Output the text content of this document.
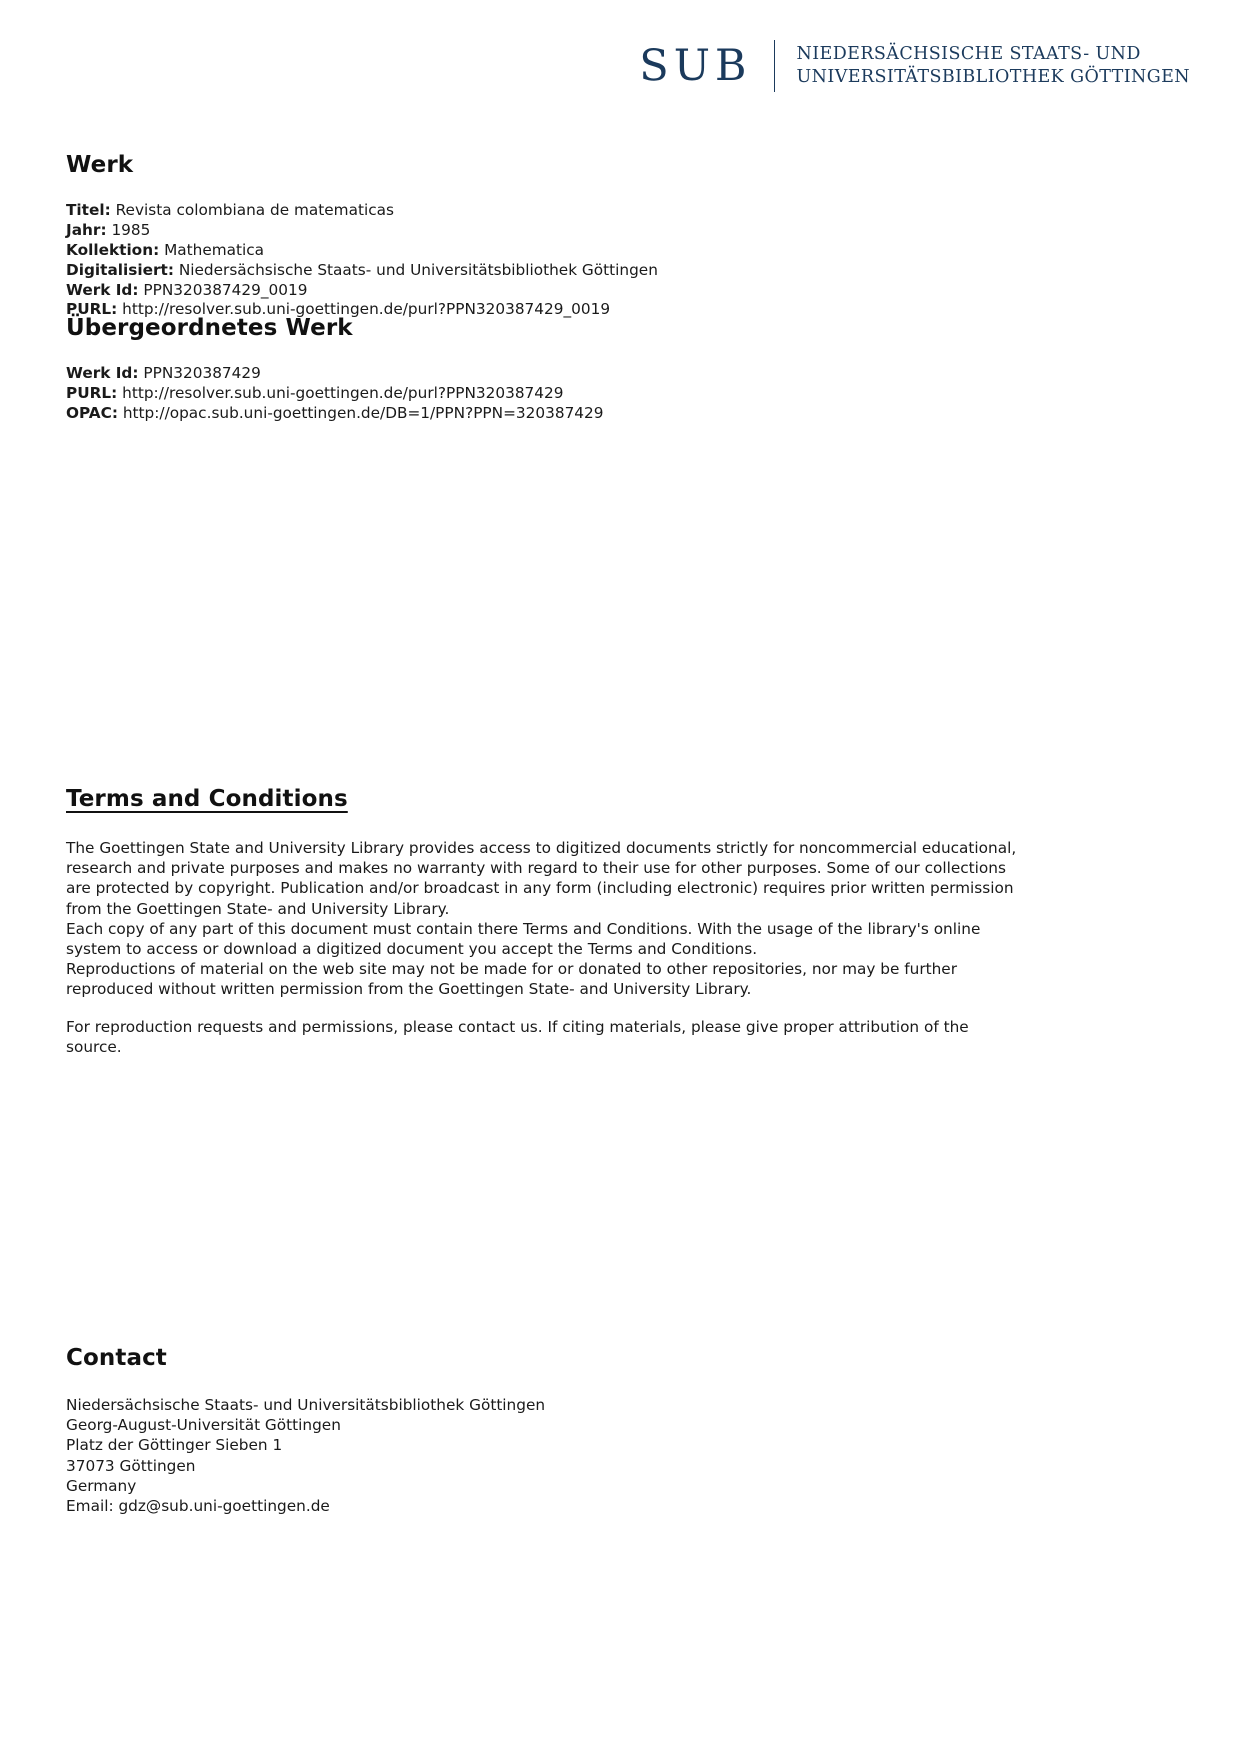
SUB	NIEDERSÄCHSISCHE STAATS- UND
UNIVERSITÄTSBIBLIOTHEK GÖTTINGEN
Werk
Titel: Revista colombiana de matematicas
Jahr: 1985
Kollektion: Mathematica
Digitalisiert: Niedersächsische Staats- und Universitätsbibliothek Göttingen
Werk Id: PPN320387429_0019
PURL: http://resolver.sub.uni-goettingen.de/purl?PPN320387429_0019
Übergeordnetes Werk
Werk Id: PPN320387429
PURL: http://resolver.sub.uni-goettingen.de/purl?PPN320387429
OPAC: http://opac.sub.uni-goettingen.de/DB=1/PPN?PPN=320387429
Terms and Conditions

The Goettingen State and University Library provides access to digitized documents strictly for noncommercial educational, research and private purposes and makes no warranty with regard to their use for other purposes. Some of our collections are protected by copyright. Publication and/or broadcast in any form (including electronic) requires prior written permission from the Goettingen State- and University Library.

Each copy of any part of this document must contain there Terms and Conditions. With the usage of the library's online system to access or download a digitized document you accept the Terms and Conditions.

Reproductions of material on the web site may not be made for or donated to other repositories, nor may be further reproduced without written permission from the Goettingen State- and University Library.

For reproduction requests and permissions, please contact us. If citing materials, please give proper attribution of the source.

Contact
Niedersächsische Staats- und Universitätsbibliothek Göttingen
Georg-August-Universität Göttingen
Platz der Göttinger Sieben 1
37073 Göttingen
Germany
Email: gdz@sub.uni-goettingen.de
